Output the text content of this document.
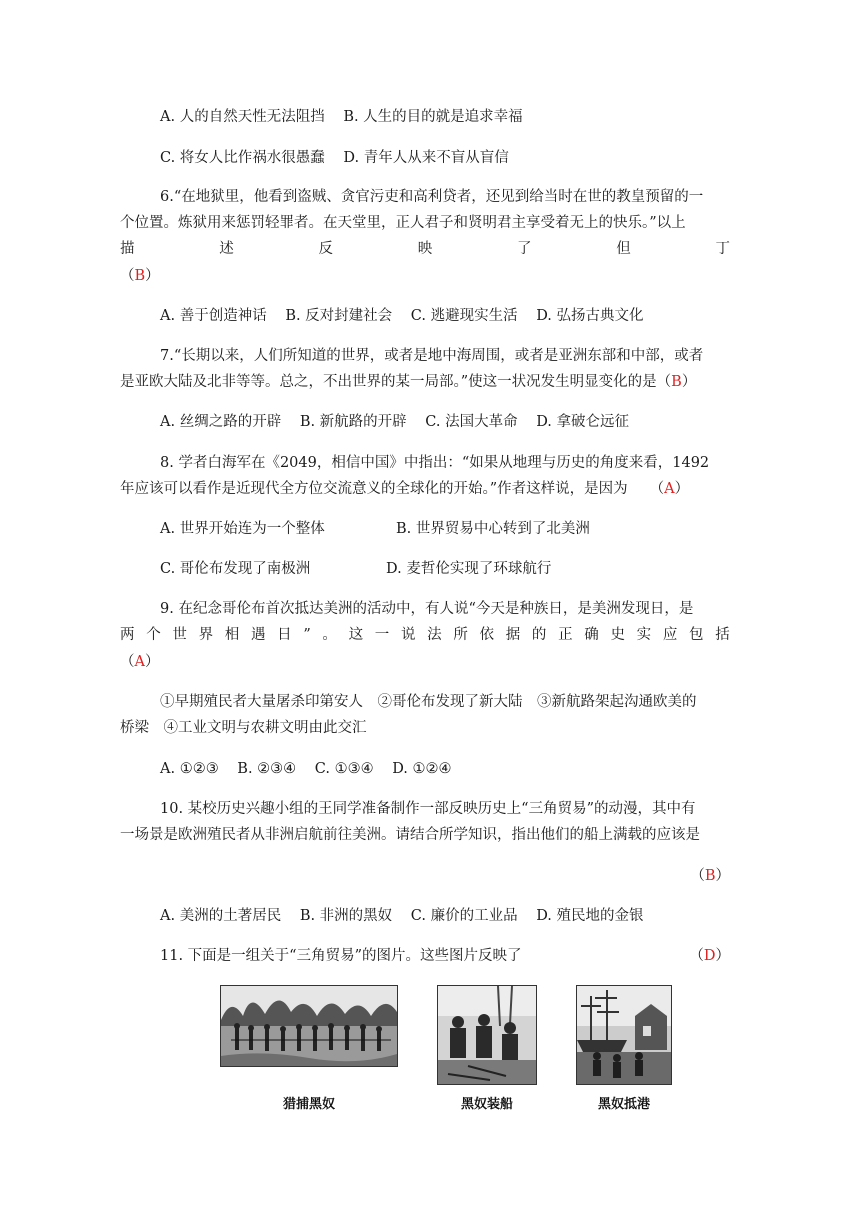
A. 人的自然天性无法阻挡 B. 人生的目的就是追求幸福
C. 将女人比作祸水很愚蠢 D. 青年人从来不盲从盲信
6.“在地狱里，他看到盗贼、贪官污吏和高利贷者，还见到给当时在世的教皇预留的一
个位置。炼狱用来惩罚轻罪者。在天堂里，正人君子和贤明君主享受着无上的快乐。”以上
描	述	反	映	了	但	丁
（B）
A. 善于创造神话 B. 反对封建社会 C. 逃避现实生活 D. 弘扬古典文化
7.“长期以来，人们所知道的世界，或者是地中海周围，或者是亚洲东部和中部，或者
是亚欧大陆及北非等等。总之，不出世界的某一局部。”使这一状况发生明显变化的是（B）
A. 丝绸之路的开辟 B. 新航路的开辟 C. 法国大革命 D. 拿破仑远征
8. 学者白海军在《2049，相信中国》中指出：“如果从地理与历史的角度来看，1492
年应该可以看作是近现代全方位交流意义的全球化的开始。”作者这样说，是因为 （A）
A. 世界开始连为一个整体	B. 世界贸易中心转到了北美洲
C. 哥伦布发现了南极洲	D. 麦哲伦实现了环球航行
9. 在纪念哥伦布首次抵达美洲的活动中，有人说“今天是种族日，是美洲发现日，是
两 个 世 界 相 遇 日 ” 。 这 一 说 法 所 依 据 的 正 确 史 实 应 包 括
（A）
①早期殖民者大量屠杀印第安人　②哥伦布发现了新大陆　③新航路架起沟通欧美的
桥梁　④工业文明与农耕文明由此交汇
A. ①②③ B. ②③④ C. ①③④ D. ①②④
10. 某校历史兴趣小组的王同学准备制作一部反映历史上“三角贸易”的动漫，其中有
一场景是欧洲殖民者从非洲启航前往美洲。请结合所学知识，指出他们的船上满载的应该是
（B）
A. 美洲的土著居民 B. 非洲的黑奴 C. 廉价的工业品 D. 殖民地的金银
11. 下面是一组关于“三角贸易”的图片。这些图片反映了	（D）
猎捕黑奴	黑奴装船	黑奴抵港
